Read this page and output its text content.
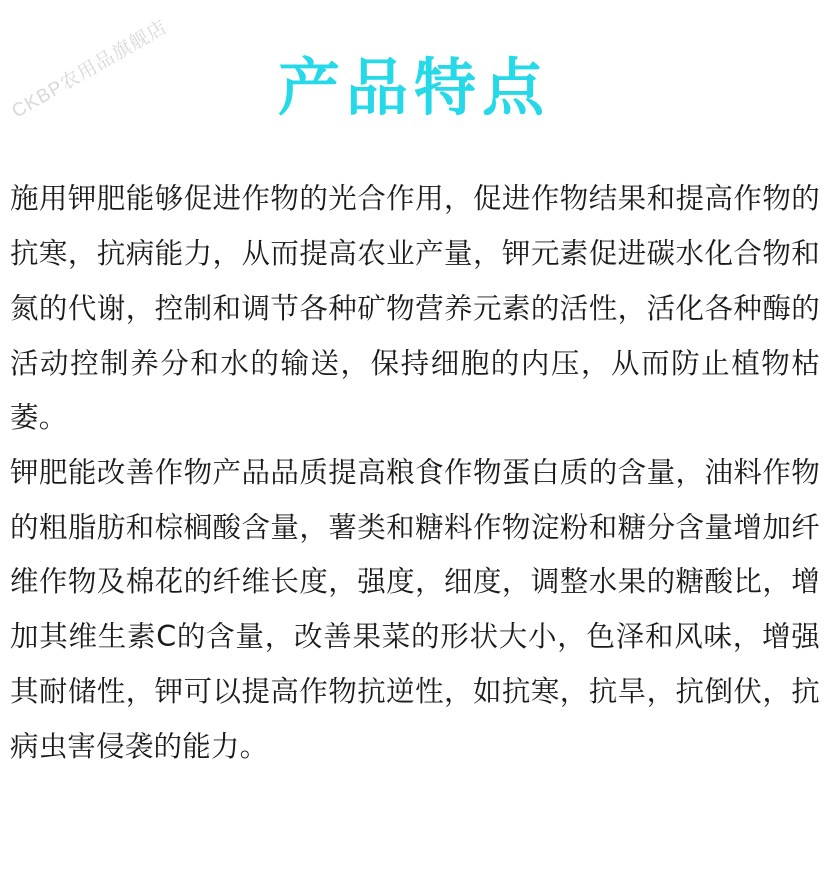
CKBP农用品旗舰店	产品特点

施用钾肥能够促进作物的光合作用，促进作物结果和提高作物的抗寒，抗病能力，从而提高农业产量，钾元素促进碳水化合物和氮的代谢，控制和调节各种矿物营养元素的活性，活化各种酶的活动控制养分和水的输送，保持细胞的内压，从而防止植物枯萎。

钾肥能改善作物产品品质提高粮食作物蛋白质的含量，油料作物的粗脂肪和棕榈酸含量，薯类和糖料作物淀粉和糖分含量增加纤维作物及棉花的纤维长度，强度，细度，调整水果的糖酸比，增加其维生素C的含量，改善果菜的形状大小，色泽和风味，增强其耐储性，钾可以提高作物抗逆性，如抗寒，抗旱，抗倒伏，抗病虫害侵袭的能力。
